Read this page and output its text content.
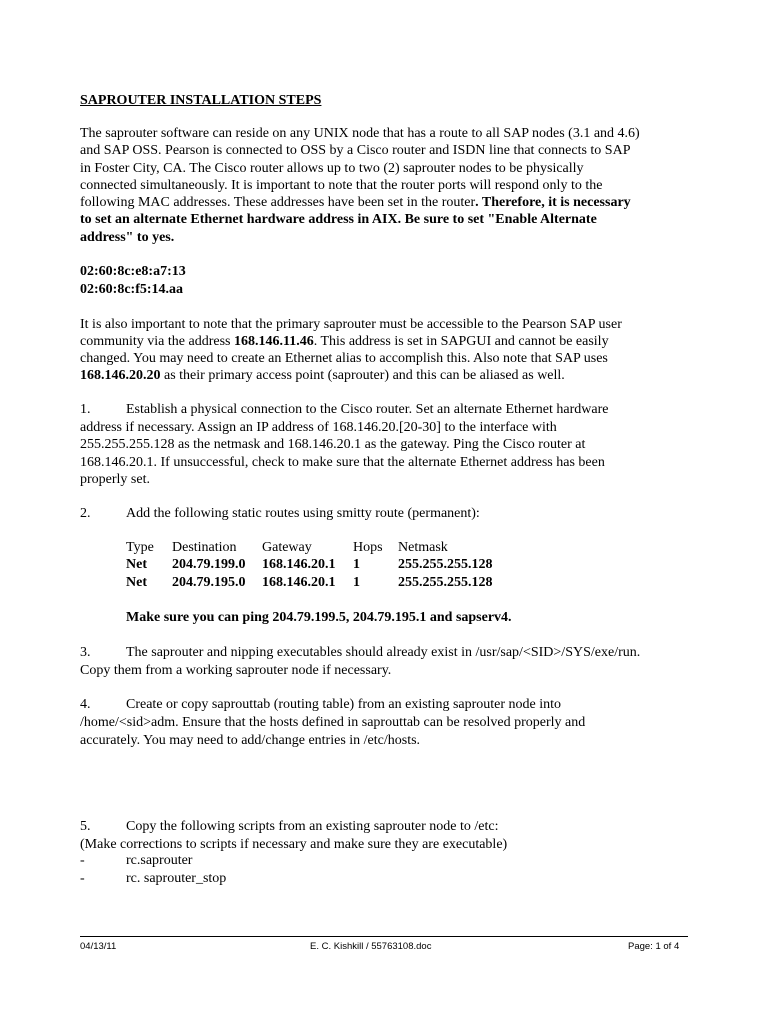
SAPROUTER INSTALLATION STEPS

The saprouter software can reside on any UNIX node that has a route to all SAP nodes (3.1 and 4.6)

and SAP OSS. Pearson is connected to OSS by a Cisco router and ISDN line that connects to SAP

in Foster City, CA. The Cisco router allows up to two (2) saprouter nodes to be physically

connected simultaneously. It is important to note that the router ports will respond only to the

following MAC addresses. These addresses have been set in the router. Therefore, it is necessary

to set an alternate Ethernet hardware address in AIX. Be sure to set "Enable Alternate

address" to yes.

02:60:8c:e8:a7:13

02:60:8c:f5:14.aa

It is also important to note that the primary saprouter must be accessible to the Pearson SAP user

community via the address 168.146.11.46. This address is set in SAPGUI and cannot be easily

changed. You may need to create an Ethernet alias to accomplish this. Also note that SAP uses

168.146.20.20 as their primary access point (saprouter) and this can be aliased as well.

1.	Establish a physical connection to the Cisco router. Set an alternate Ethernet hardware

address if necessary. Assign an IP address of 168.146.20.[20-30] to the interface with

255.255.255.128 as the netmask and 168.146.20.1 as the gateway. Ping the Cisco router at

168.146.20.1. If unsuccessful, check to make sure that the alternate Ethernet address has been

properly set.

2.	Add the following static routes using smitty route (permanent):
Type Destination Gateway	Hops Netmask
Net 204.79.199.0 168.146.20.1 1	255.255.255.128
Net 204.79.195.0 168.146.20.1 1	255.255.255.128
Make sure you can ping 204.79.199.5, 204.79.195.1 and sapserv4.
3.	The saprouter and nipping executables should already exist in /usr/sap/<SID>/SYS/exe/run.

Copy them from a working saprouter node if necessary.

4.	Create or copy saprouttab (routing table) from an existing saprouter node into

/home/<sid>adm. Ensure that the hosts defined in saprouttab can be resolved properly and

accurately. You may need to add/change entries in /etc/hosts.

5.	Copy the following scripts from an existing saprouter node to /etc:

(Make corrections to scripts if necessary and make sure they are executable)

-	rc.saprouter
-	rc. saprouter_stop
04/13/11	E. C. Kishkill / 55763108.doc	Page: 1 of 4
